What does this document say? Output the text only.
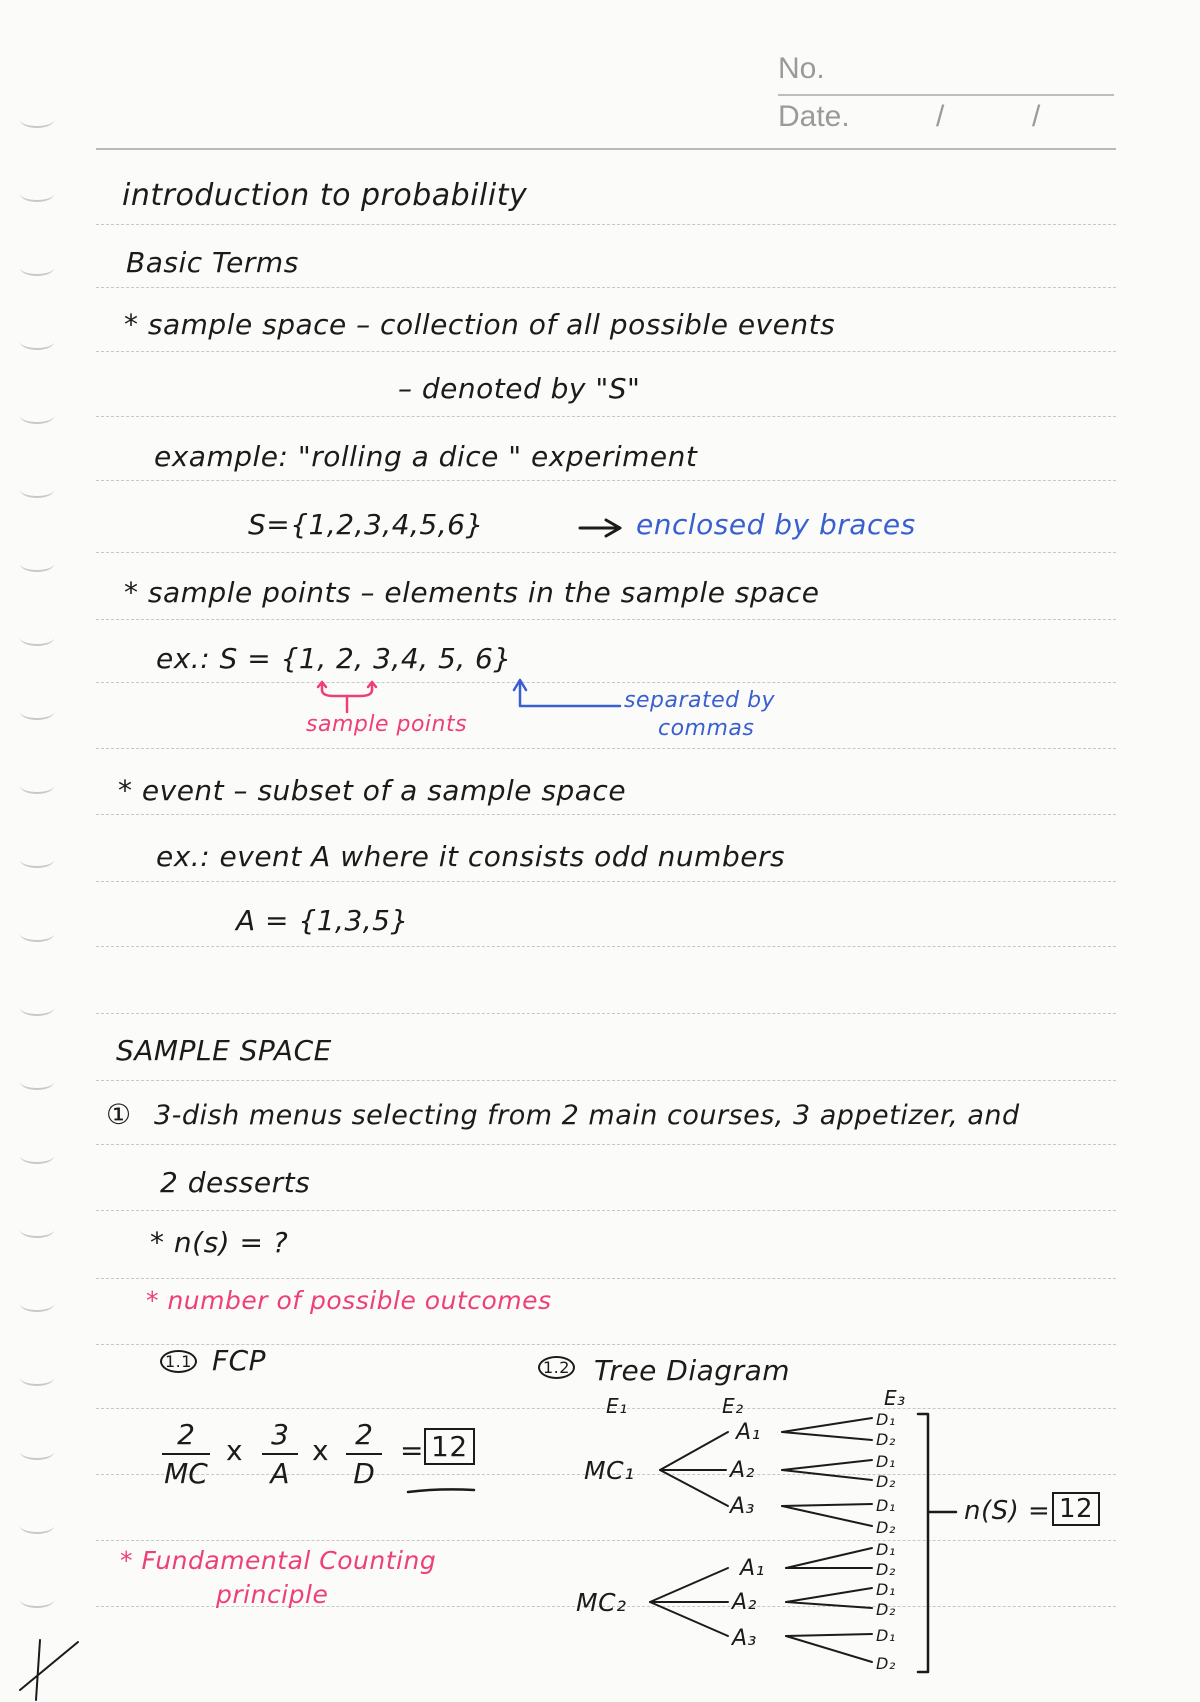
No.
Date.	/	/
introduction to probability
Basic Terms
* sample space – collection of all possible events
– denoted by "S"
example: "rolling a dice " experiment
S={1,2,3,4,5,6}	enclosed by braces
* sample points – elements in the sample space
ex.: S = {1, 2, 3,4, 5, 6}
sample points
separated by
commas
* event – subset of a sample space
ex.: event A where it consists odd numbers
A = {1,3,5}
SAMPLE SPACE
① 3-dish menus selecting from 2 main courses, 3 appetizer, and
2 desserts
* n(s) = ?
* number of possible outcomes
1.1 FCP
2
MC
x	3
A
x 2
D
= 12
* Fundamental Counting
principle
1.2 Tree Diagram
E₁	E₂	E₃
MC₁
MC₂
A₁
A₂
A₃
A₁
A₂
A₃
D₁
D₂
D₁
D₂
D₁
D₂
D₁
D₂
D₁
D₂
D₁
D₂
n(S) = 12
